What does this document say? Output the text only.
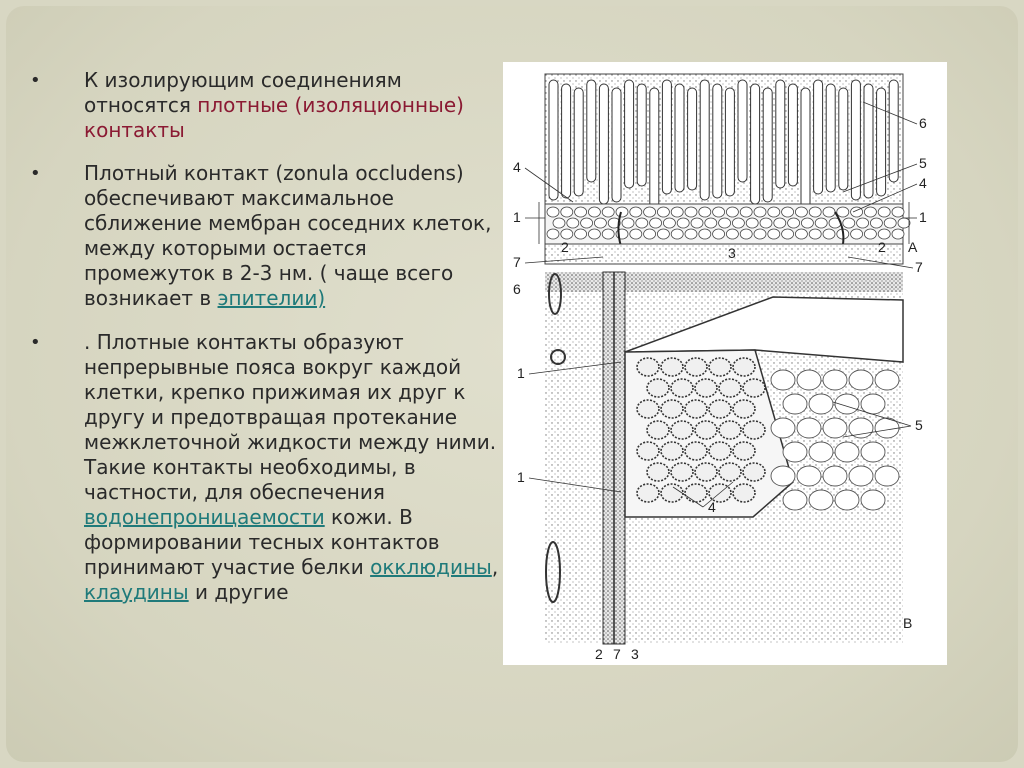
• К изолирующим соединениям относятся плотные (изоляционные) контакты
• Плотный контакт (zonula occludens) обеспечивают максимальное сближение мембран соседних клеток, между которыми остается промежуток в 2-3 нм. ( чаще всего возникает в эпителии)
• . Плотные контакты образуют непрерывные пояса вокруг каждой клетки, крепко прижимая их друг к другу и предотвращая протекание межклеточной жидкости между ними. Такие контакты необходимы, в частности, для обеспечения водонепроницаемости кожи. В формировании тесных контактов принимают участие белки окклюдины, клаудины и другие
4
1
2	3
7
6
5
4
1
2 A
7
6
1
1
5
4
B
2 7 3
